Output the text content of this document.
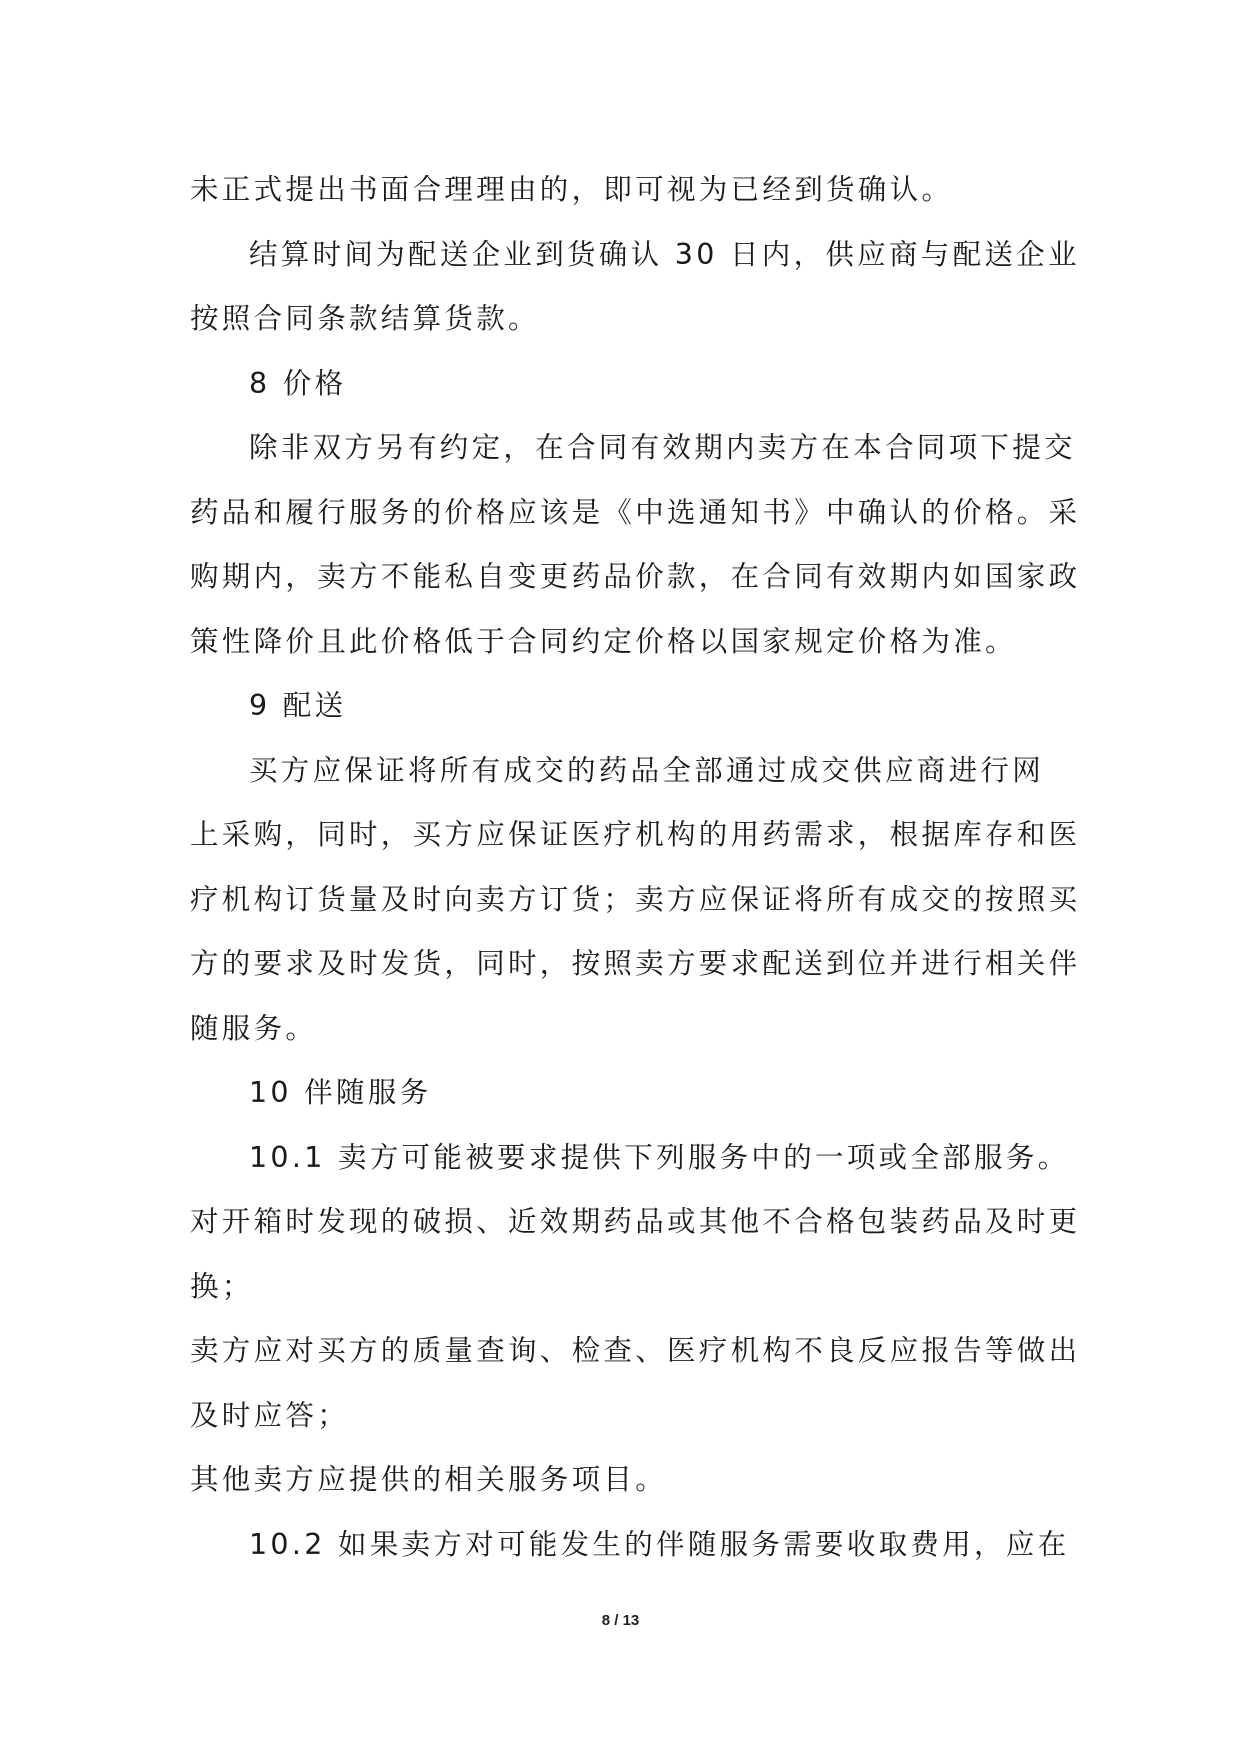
未正式提出书面合理理由的，即可视为已经到货确认。
结算时间为配送企业到货确认 30 日内，供应商与配送企业
按照合同条款结算货款。
8 价格
除非双方另有约定，在合同有效期内卖方在本合同项下提交
药品和履行服务的价格应该是《中选通知书》中确认的价格。采
购期内，卖方不能私自变更药品价款，在合同有效期内如国家政
策性降价且此价格低于合同约定价格以国家规定价格为准。
9 配送
买方应保证将所有成交的药品全部通过成交供应商进行网
上采购，同时，买方应保证医疗机构的用药需求，根据库存和医
疗机构订货量及时向卖方订货；卖方应保证将所有成交的按照买
方的要求及时发货，同时，按照卖方要求配送到位并进行相关伴
随服务。
10 伴随服务
10.1 卖方可能被要求提供下列服务中的一项或全部服务。
对开箱时发现的破损、近效期药品或其他不合格包装药品及时更
换；
卖方应对买方的质量查询、检查、医疗机构不良反应报告等做出
及时应答；
其他卖方应提供的相关服务项目。
10.2 如果卖方对可能发生的伴随服务需要收取费用，应在
8 / 13
